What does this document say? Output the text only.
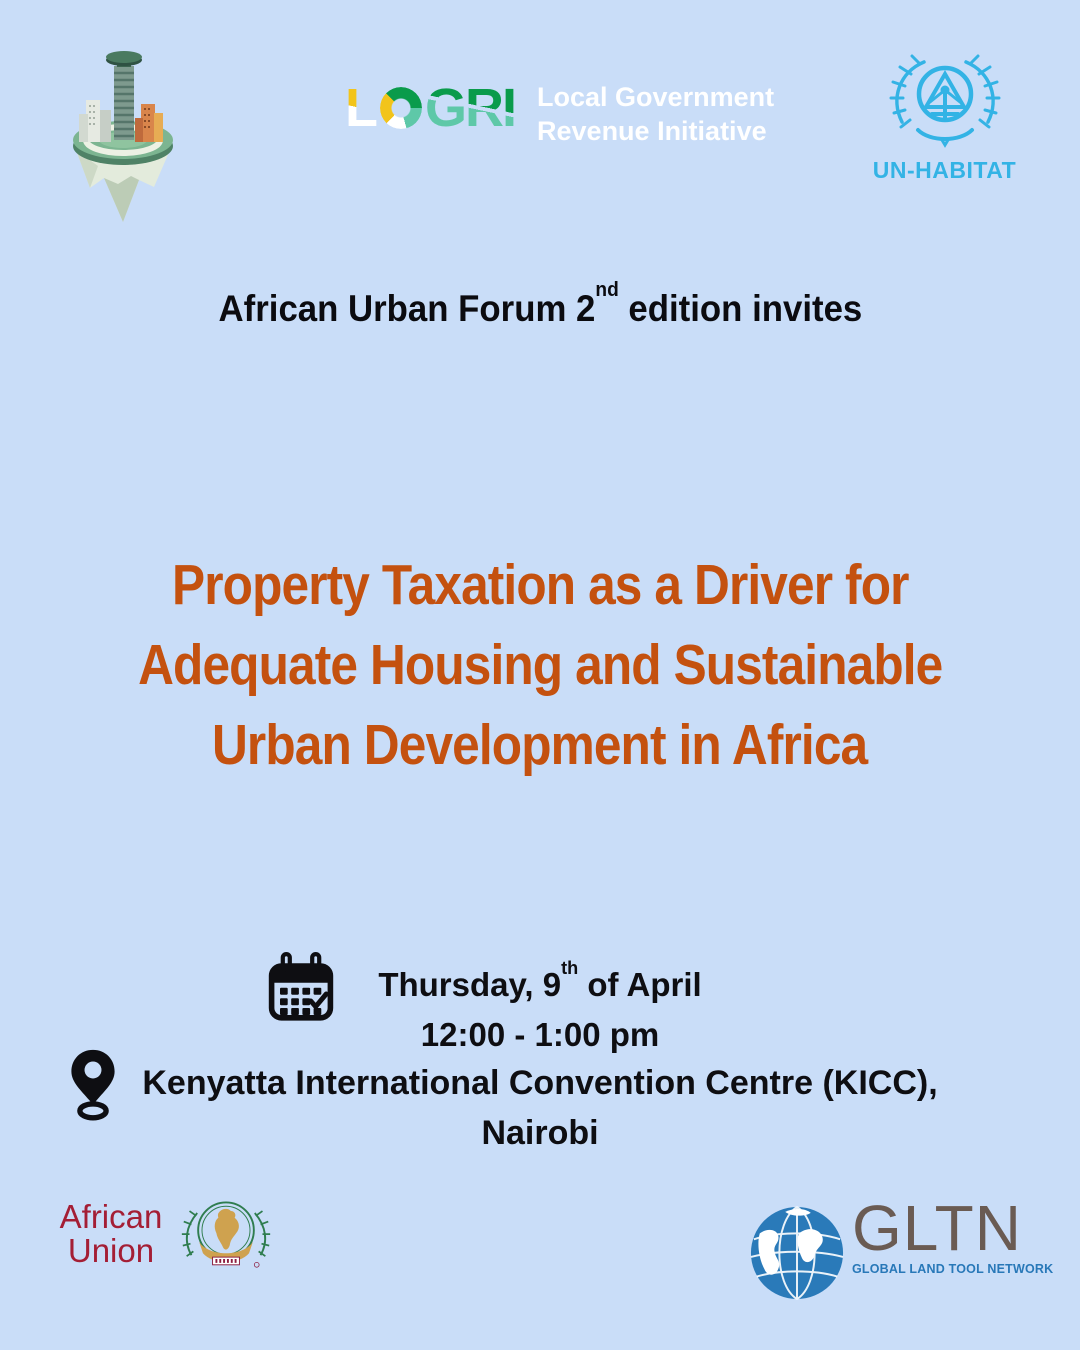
L GRI Local Government
Revenue Initiative
UN-HABITAT
African Urban Forum 2nd edition invites
Property Taxation as a Driver for
Adequate Housing and Sustainable
Urban Development in Africa
Thursday, 9th of April
12:00 - 1:00 pm
Kenyatta International Convention Centre (KICC),
Nairobi
African
Union	GLTN
GLOBAL LAND TOOL NETWORK
